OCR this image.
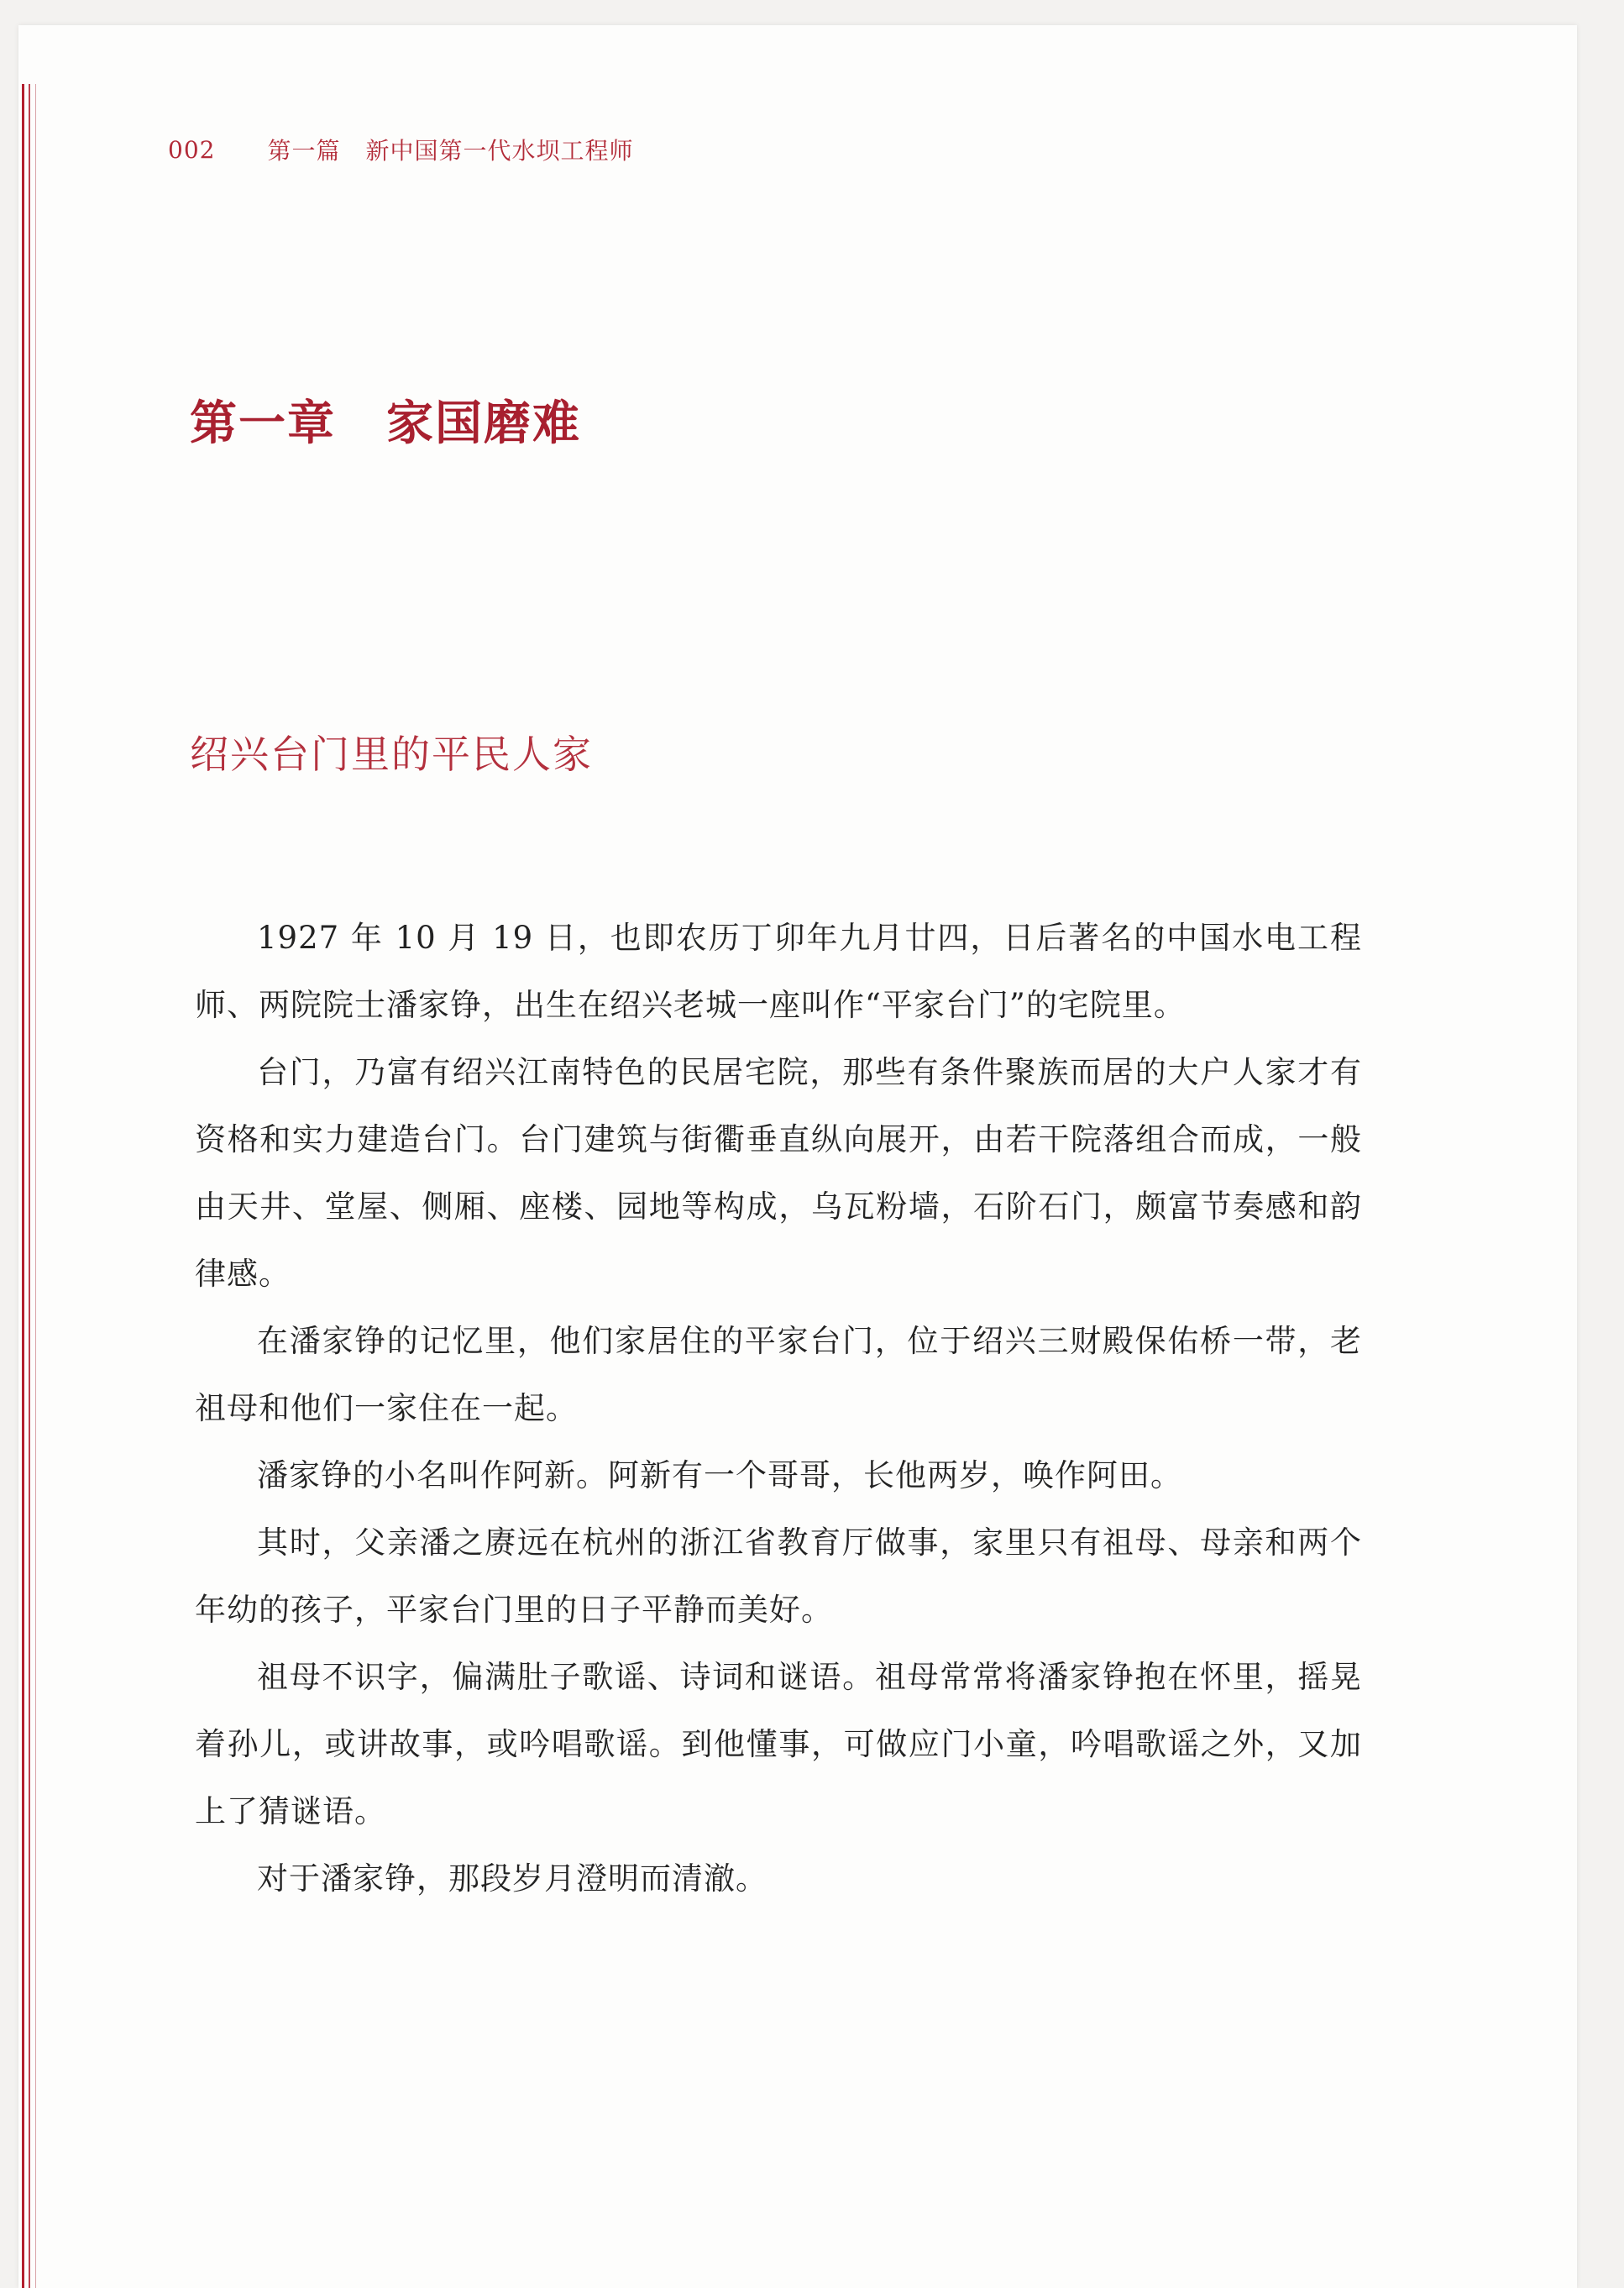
002 第一篇 新中国第一代水坝工程师
第一章 家国磨难
绍兴台门里的平民人家

1927 年 10 月 19 日，也即农历丁卯年九月廿四，日后著名的中国水电工程师、两院院士潘家铮，出生在绍兴老城一座叫作“平家台门”的宅院里。

台门，乃富有绍兴江南特色的民居宅院，那些有条件聚族而居的大户人家才有资格和实力建造台门。台门建筑与街衢垂直纵向展开，由若干院落组合而成，一般由天井、堂屋、侧厢、座楼、园地等构成，乌瓦粉墙，石阶石门，颇富节奏感和韵律感。

在潘家铮的记忆里，他们家居住的平家台门，位于绍兴三财殿保佑桥一带，老祖母和他们一家住在一起。

潘家铮的小名叫作阿新。阿新有一个哥哥，长他两岁，唤作阿田。

其时，父亲潘之赓远在杭州的浙江省教育厅做事，家里只有祖母、母亲和两个年幼的孩子，平家台门里的日子平静而美好。

祖母不识字，偏满肚子歌谣、诗词和谜语。祖母常常将潘家铮抱在怀里，摇晃着孙儿，或讲故事，或吟唱歌谣。到他懂事，可做应门小童，吟唱歌谣之外，又加上了猜谜语。

对于潘家铮，那段岁月澄明而清澈。
